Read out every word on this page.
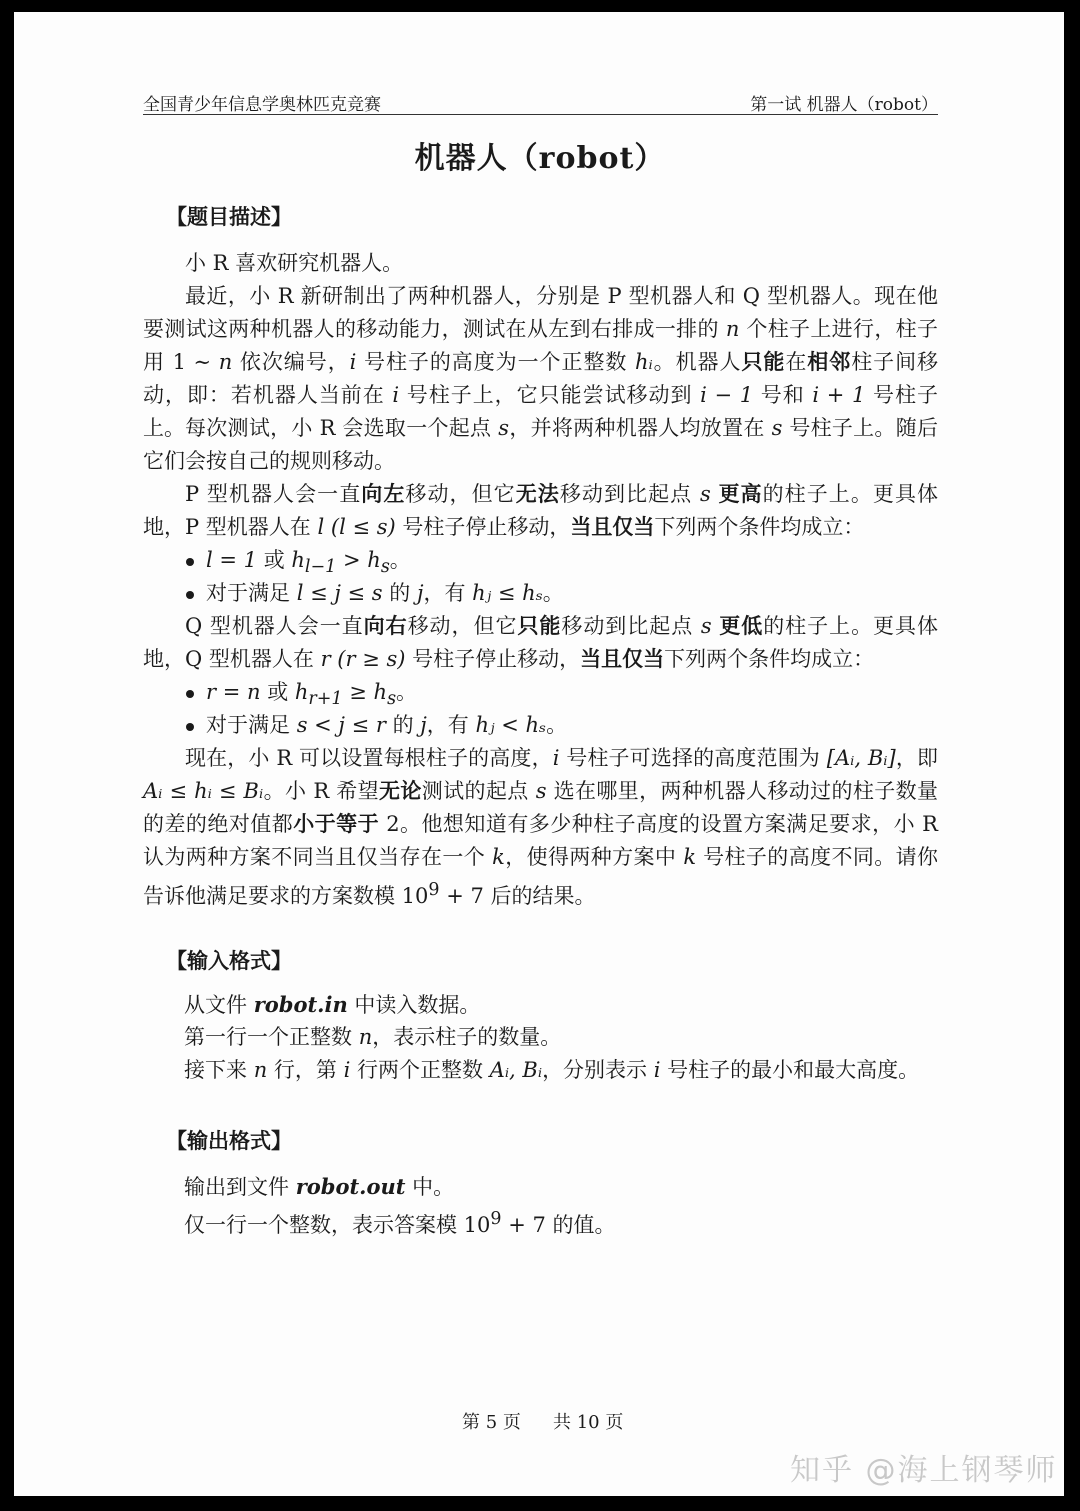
全国青少年信息学奥林匹克竞赛	第一试 机器人（robot）
机器人（robot）
【题目描述】
小 R 喜欢研究机器人。
最近，小 R 新研制出了两种机器人，分别是 P 型机器人和 Q 型机器人。现在他要测试这两种机器人的移动能力，测试在从左到右排成一排的 n 个柱子上进行，柱子用 1 ∼ n 依次编号，i 号柱子的高度为一个正整数 hᵢ。机器人只能在相邻柱子间移动，即：若机器人当前在 i 号柱子上，它只能尝试移动到 i − 1 号和 i + 1 号柱子上。 每次测试，小 R 会选取一个起点 s，并将两种机器人均放置在 s 号柱子上。随后它们会按自己的规则移动。
P 型机器人会一直向左移动，但它无法移动到比起点 s 更高的柱子上。更具体地，P 型机器人在 l (l ≤ s) 号柱子停止移动，当且仅当下列两个条件均成立：
l = 1 或 $h_{l-1} > h_s$。
对于满足 l ≤ j ≤ s 的 j，有 hⱼ ≤ hₛ。
Q 型机器人会一直向右移动，但它只能移动到比起点 s 更低的柱子上。更具体地，Q 型机器人在 r (r ≥ s) 号柱子停止移动，当且仅当下列两个条件均成立：
r = n 或 $h_{r+1} \ge h_s$。
对于满足 s < j ≤ r 的 j，有 hⱼ < hₛ。
现在，小 R 可以设置每根柱子的高度，i 号柱子可选择的高度范围为 [Aᵢ, Bᵢ]，即 Aᵢ ≤ hᵢ ≤ Bᵢ。小 R 希望无论测试的起点 s 选在哪里，两种机器人移动过的柱子数量的差的绝对值都小于等于 2。他想知道有多少种柱子高度的设置方案满足要求，小 R 认为两种方案不同当且仅当存在一个 k，使得两种方案中 k 号柱子的高度不同。请你告诉他满足要求的方案数模 $10^9 + 7$ 后的结果。
【输入格式】
从文件 robot.in 中读入数据。
第一行一个正整数 n，表示柱子的数量。
接下来 n 行，第 i 行两个正整数 Aᵢ, Bᵢ，分别表示 i 号柱子的最小和最大高度。
【输出格式】
输出到文件 robot.out 中。
仅一行一个整数，表示答案模 $10^9 + 7$ 的值。
第 5 页 共 10 页
知乎 @海上钢琴师
